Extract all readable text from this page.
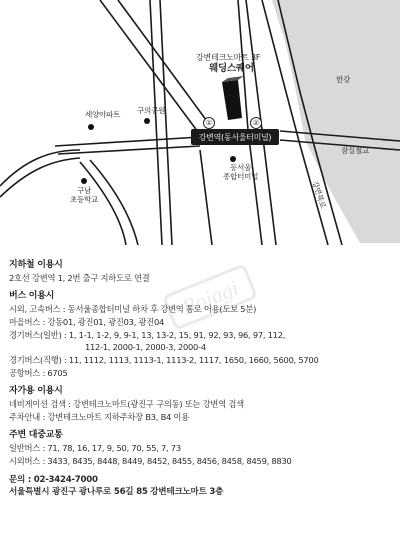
강변테크노마트 3F
웨딩스퀘어
한강
잠실철교
강변북로
세양아파트 구의공원
①	②
강변역(동서울터미널)
동서울
종합터미널
구남
초등학교
Bojagi
지하철 이용시
2호선 강변역 1, 2번 출구 지하도로 연결
버스 이용시
시외, 고속버스 : 동서울종합터미널 하차 후 강변역 통로 이용(도보 5분)
마을버스 : 강동01, 광진01, 광진03, 광진04
경기버스(일반) : 1, 1-1, 1-2, 9, 9-1, 13, 13-2, 15, 91, 92, 93, 96, 97, 112,
112-1, 2000-1, 2000-3, 2000-4
경기버스(직행) : 11, 1112, 1113, 1113-1, 1113-2, 1117, 1650, 1660, 5600, 5700
공항버스 : 6705
자가용 이용시
네비게이션 검색 : 강변테크노마트(광진구 구의동) 또는 강변역 검색
주차안내 : 강변테크노마트 지하주차장 B3, B4 이용
주변 대중교통
일반버스 : 71, 78, 16, 17, 9, 50, 70, 55, 7, 73
시외버스 : 3433, 8435, 8448, 8449, 8452, 8455, 8456, 8458, 8459, 8830
문의 : 02-3424-7000
서울특별시 광진구 광나루로 56길 85 강변테크노마트 3층
